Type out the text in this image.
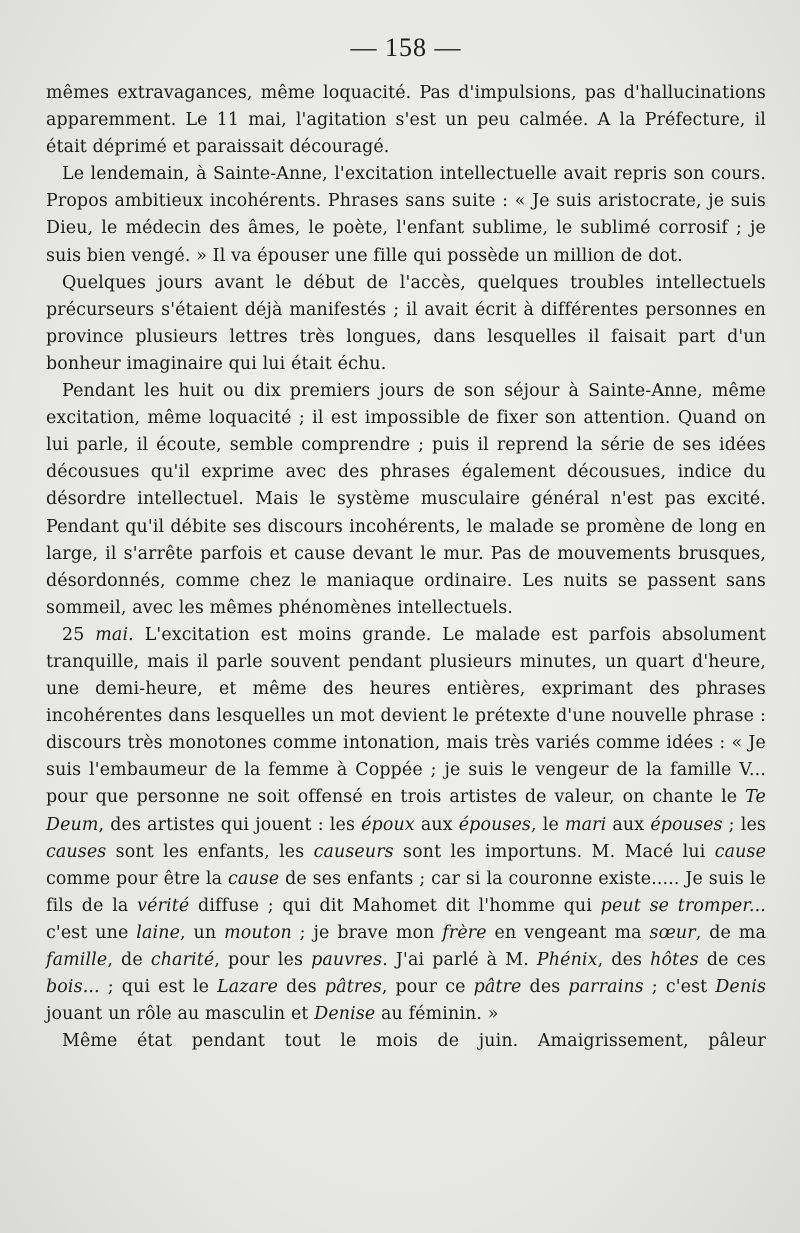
— 158 —

mêmes extravagances, même loquacité. Pas d'impulsions, pas d'hallucinations apparemment. Le 11 mai, l'agitation s'est un peu calmée. A la Préfecture, il était déprimé et paraissait découragé.

Le lendemain, à Sainte-Anne, l'excitation intellectuelle avait repris son cours. Propos ambitieux incohérents. Phrases sans suite : « Je suis aristocrate, je suis Dieu, le médecin des âmes, le poète, l'enfant sublime, le sublimé corrosif ; je suis bien vengé. » Il va épouser une fille qui possède un million de dot.

Quelques jours avant le début de l'accès, quelques troubles intellectuels précurseurs s'étaient déjà manifestés ; il avait écrit à différentes personnes en province plusieurs lettres très longues, dans lesquelles il faisait part d'un bonheur imaginaire qui lui était échu.

Pendant les huit ou dix premiers jours de son séjour à Sainte-Anne, même excitation, même loquacité ; il est impossible de fixer son attention. Quand on lui parle, il écoute, semble comprendre ; puis il reprend la série de ses idées décousues qu'il exprime avec des phrases également décousues, indice du désordre intellectuel. Mais le système musculaire général n'est pas excité. Pendant qu'il débite ses discours incohérents, le malade se promène de long en large, il s'arrête parfois et cause devant le mur. Pas de mouvements brusques, désordonnés, comme chez le maniaque ordinaire. Les nuits se passent sans sommeil, avec les mêmes phénomènes intellectuels.

25 mai. L'excitation est moins grande. Le malade est parfois absolument tranquille, mais il parle souvent pendant plusieurs minutes, un quart d'heure, une demi-heure, et même des heures entières, exprimant des phrases incohérentes dans lesquelles un mot devient le prétexte d'une nouvelle phrase : discours très monotones comme intonation, mais très variés comme idées : « Je suis l'embaumeur de la femme à Coppée ; je suis le vengeur de la famille V... pour que personne ne soit offensé en trois artistes de valeur, on chante le Te Deum, des artistes qui jouent : les époux aux épouses, le mari aux épouses ; les causes sont les enfants, les causeurs sont les importuns. M. Macé lui cause comme pour être la cause de ses enfants ; car si la couronne existe..... Je suis le fils de la vérité diffuse ; qui dit Mahomet dit l'homme qui peut se tromper... c'est une laine, un mouton ; je brave mon frère en vengeant ma sœur, de ma famille, de charité, pour les pauvres. J'ai parlé à M. Phénix, des hôtes de ces bois... ; qui est le Lazare des pâtres, pour ce pâtre des parrains ; c'est Denis jouant un rôle au masculin et Denise au féminin. »

Même état pendant tout le mois de juin. Amaigrissement, pâleur
